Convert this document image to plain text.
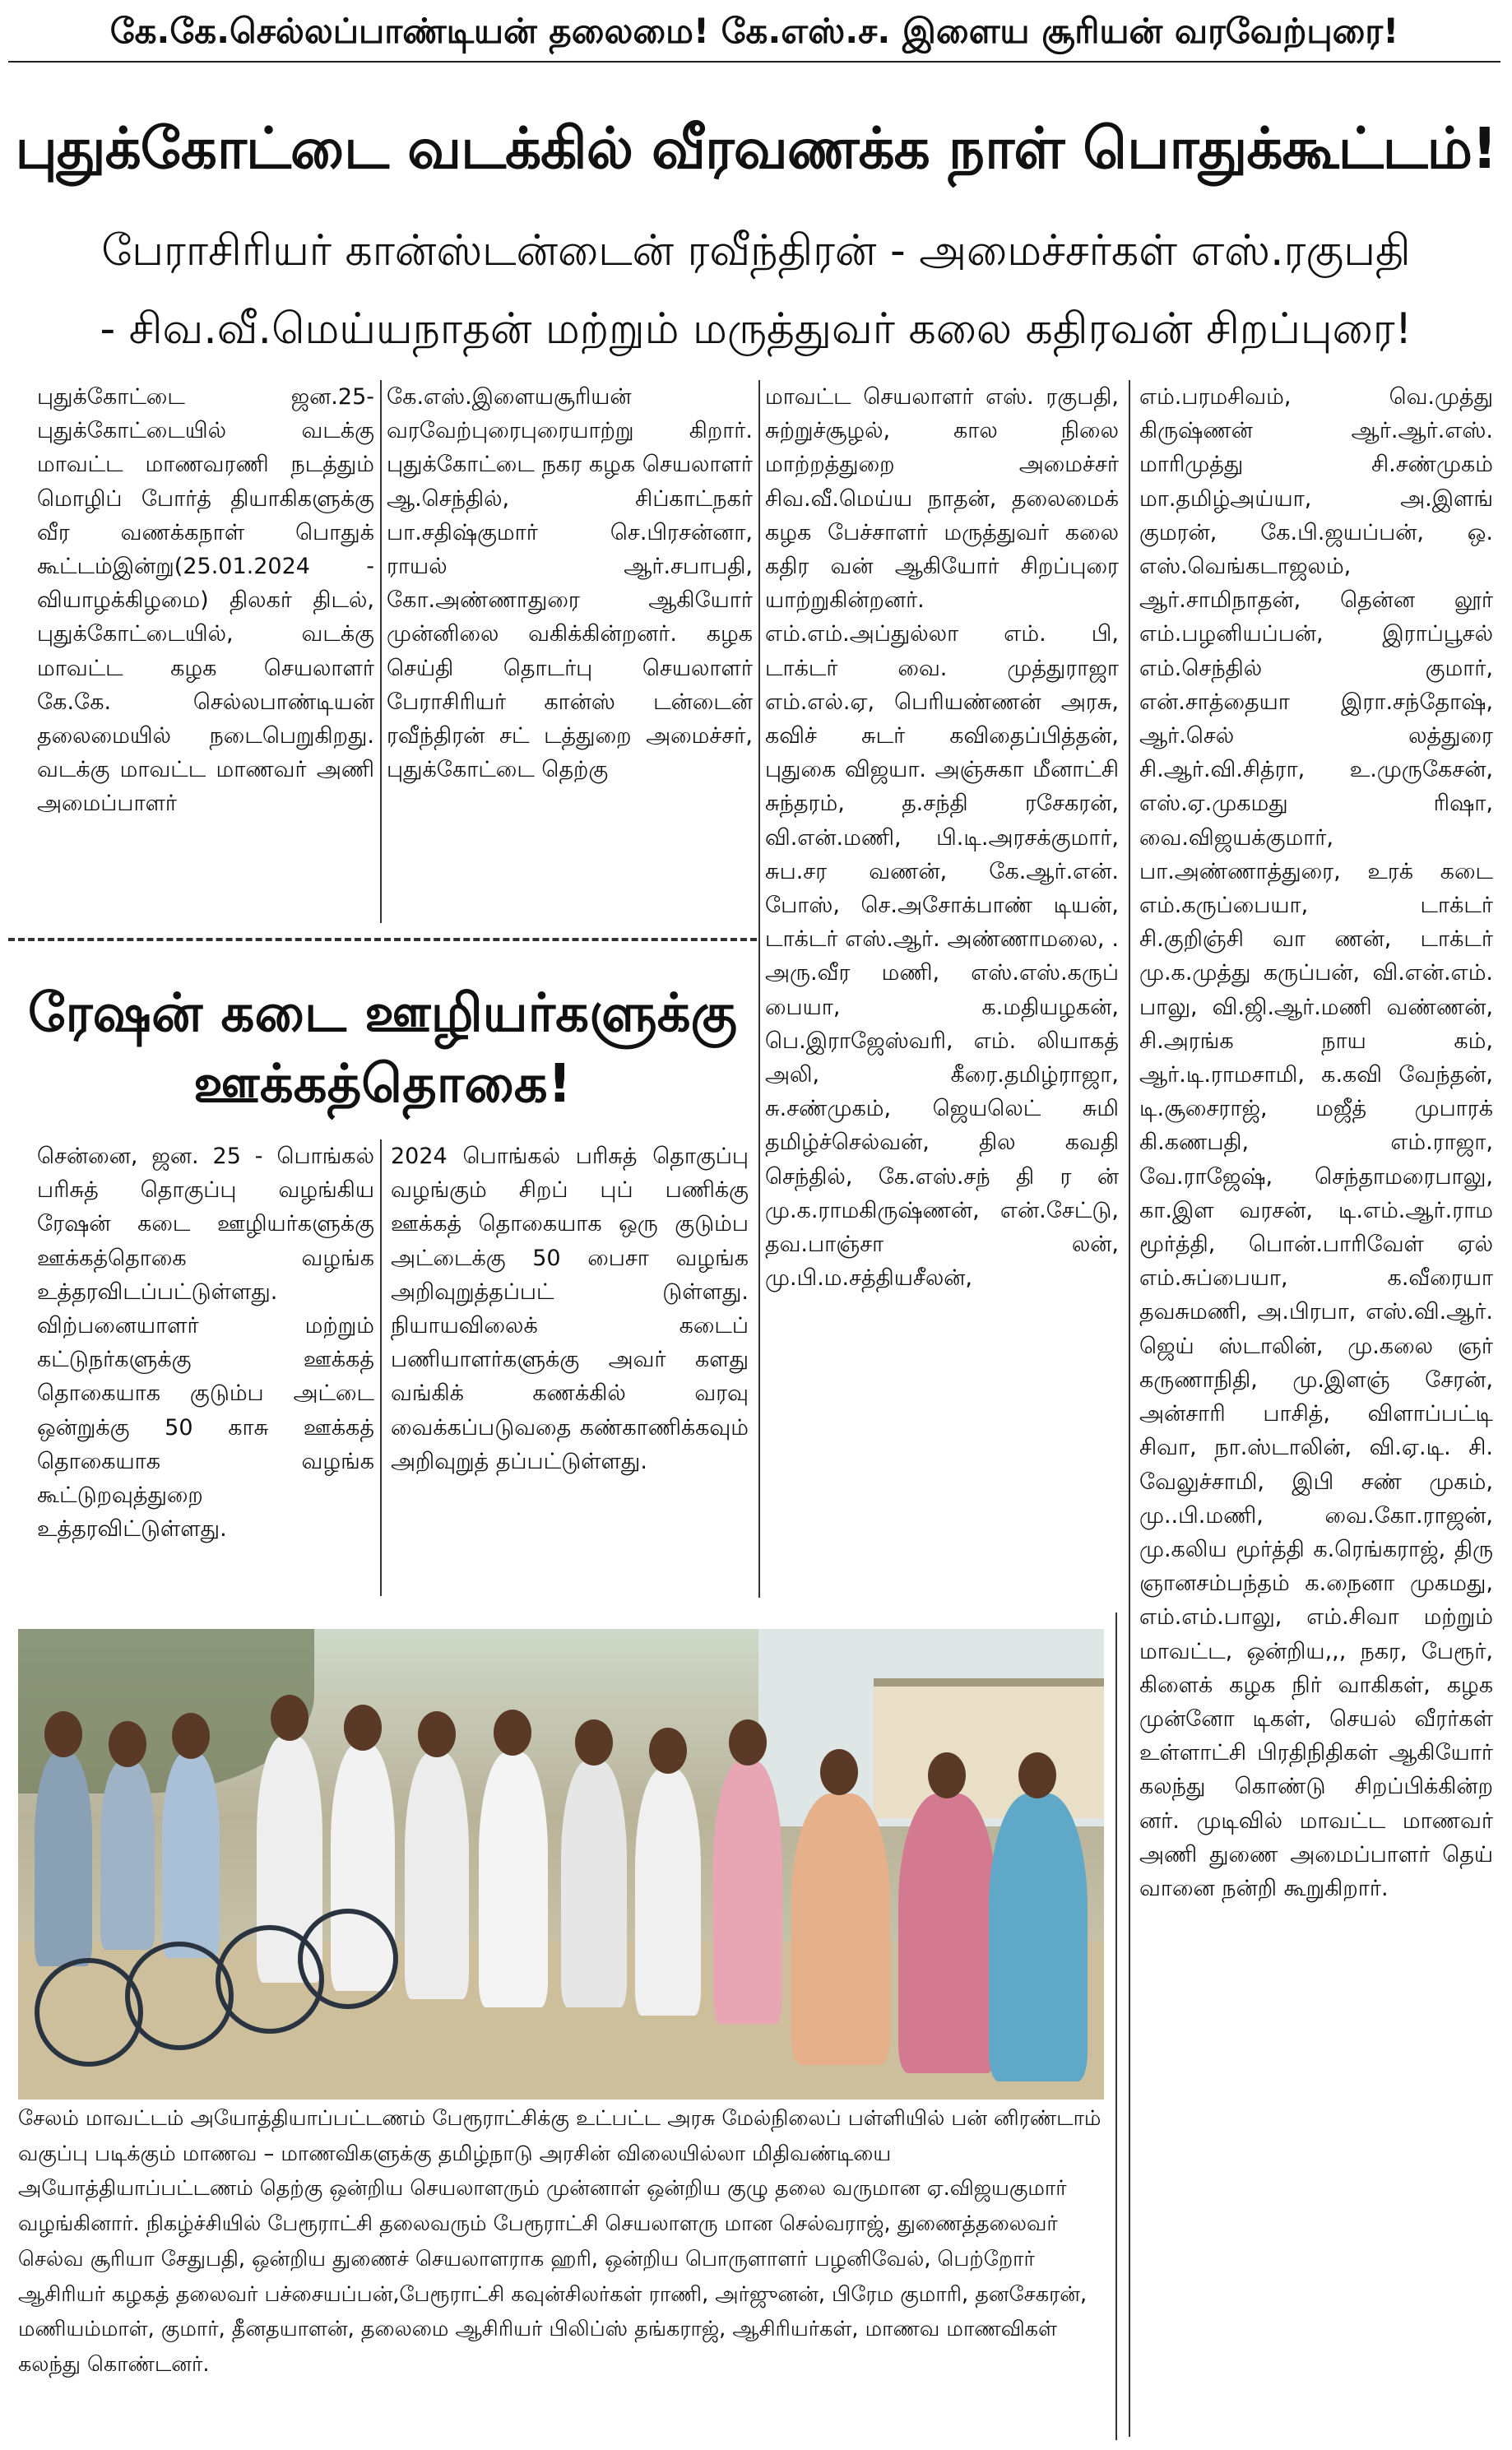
கே.கே.செல்லப்பாண்டியன் தலைமை! கே.எஸ்.ச. இளைய சூரியன் வரவேற்புரை!
புதுக்கோட்டை வடக்கில் வீரவணக்க நாள் பொதுக்கூட்டம்!
பேராசிரியர் கான்ஸ்டன்டைன் ரவீந்திரன் - அமைச்சர்கள் எஸ்.ரகுபதி
- சிவ.வீ.மெய்யநாதன் மற்றும் மருத்துவர் கலை கதிரவன் சிறப்புரை!

புதுக்கோட்டை ஜன.25- புதுக்கோட்டையில் வடக்கு மாவட்ட மாணவரணி நடத்தும் மொழிப் போர்த் தியாகிகளுக்கு வீர வணக்கநாள் பொதுக் கூட்டம்இன்று(25.01.2024 - வியாழக்கிழமை) திலகர் திடல், புதுக்கோட்டையில், வடக்கு மாவட்ட கழக செயலாளர் கே.கே. செல்லபாண்டியன் தலைமையில் நடைபெறுகிறது. வடக்கு மாவட்ட மாணவர் அணி அமைப்பாளர்

கே.எஸ்.இளையசூரியன் வரவேற்புரைபுரையாற்று கிறார். புதுக்கோட்டை நகர கழக செயலாளர் ஆ.செந்தில், சிப்காட்நகர் பா.சதிஷ்குமார் செ.பிரசன்னா, ராயல் ஆர்.சபாபதி, கோ.அண்ணாதுரை ஆகியோர் முன்னிலை வகிக்கின்றனர். கழக செய்தி தொடர்பு செயலாளர் பேராசிரியர் கான்ஸ் டன்டைன் ரவீந்திரன் சட் டத்துறை அமைச்சர், புதுக்கோட்டை தெற்கு

மாவட்ட செயலாளர் எஸ். ரகுபதி, சுற்றுச்சூழல், கால நிலை மாற்றத்துறை அமைச்சர் சிவ.வீ.மெய்ய நாதன், தலைமைக் கழக பேச்சாளர் மருத்துவர் கலை கதிர வன் ஆகியோர் சிறப்புரை யாற்றுகின்றனர். எம்.எம்.அப்துல்லா எம். பி, டாக்டர் வை. முத்துராஜா எம்.எல்.ஏ, பெரியண்ணன் அரசு, கவிச் சுடர் கவிதைப்பித்தன், புதுகை விஜயா. அஞ்சுகா மீனாட்சி சுந்தரம், த.சந்தி ரசேகரன், வி.என்.மணி, பி.டி.அரசக்குமார், சுப.சர வணன், கே.ஆர்.என். போஸ், செ.அசோக்பாண் டியன், டாக்டர் எஸ்.ஆர். அண்ணாமலை, . அரு.வீர மணி, எஸ்.எஸ்.கருப் பையா, க.மதியழகன், பெ.இராஜேஸ்வரி, எம். லியாகத் அலி, கீரை.தமிழ்ராஜா, சு.சண்முகம், ஜெயலெட் சுமி தமிழ்ச்செல்வன், தில கவதி செந்தில், கே.எஸ்.சந் தி ர ன் மு.க.ராமகிருஷ்ணன், என்.சேட்டு, தவ.பாஞ்சா லன், மு.பி.ம.சத்தியசீலன்,

எம்.பரமசிவம், வெ.முத்து கிருஷ்ணன் ஆர்.ஆர்.எஸ். மாரிமுத்து சி.சண்முகம் மா.தமிழ்அய்யா, அ.இளங் குமரன், கே.பி.ஜயப்பன், ஒ. எஸ்.வெங்கடாஜலம், ஆர்.சாமிநாதன், தென்ன லூர் எம்.பழனியப்பன், இராப்பூசல் எம்.செந்தில் குமார், என்.சாத்தையா இரா.சந்தோஷ், ஆர்.செல் லத்துரை சி.ஆர்.வி.சித்ரா, உ.முருகேசன், எஸ்.ஏ.முகமது ரிஷா, வை.விஜயக்குமார், பா.அண்ணாத்துரை, உரக் கடை எம்.கருப்பையா, டாக்டர் சி.குறிஞ்சி வா ணன், டாக்டர் மு.க.முத்து கருப்பன், வி.என்.எம். பாலு, வி.ஜி.ஆர்.மணி வண்ணன், சி.அரங்க நாய கம், ஆர்.டி.ராமசாமி, க.கவி வேந்தன், டி.சூசைராஜ், மஜீத் முபாரக் கி.கணபதி, எம்.ராஜா, வே.ராஜேஷ், செந்தாமரைபாலு, கா.இள வரசன், டி.எம்.ஆர்.ராம மூர்த்தி, பொன்.பாரிவேள் ஏல் எம்.சுப்பையா, க.வீரையா தவசுமணி, அ.பிரபா, எஸ்.வி.ஆர். ஜெய் ஸ்டாலின், மு.கலை ஞர் கருணாநிதி, மு.இளஞ் சேரன், அன்சாரி பாசித், விளாப்பட்டி சிவா, நா.ஸ்டாலின், வி.ஏ.டி. சி. வேலுச்சாமி, இபி சண் முகம், மு..பி.மணி, வை.கோ.ராஜன், மு.கலிய மூர்த்தி க.ரெங்கராஜ், திரு ஞானசம்பந்தம் க.நைனா முகமது, எம்.எம்.பாலு, எம்.சிவா மற்றும் மாவட்ட, ஒன்றிய,,, நகர, பேரூர், கிளைக் கழக நிர் வாகிகள், கழக முன்னோ டிகள், செயல் வீரர்கள் உள்ளாட்சி பிரதிநிதிகள் ஆகியோர் கலந்து கொண்டு சிறப்பிக்கின்ற னர். முடிவில் மாவட்ட மாணவர் அணி துணை அமைப்பாளர் தெய் வானை நன்றி கூறுகிறார்.

ரேஷன் கடை ஊழியர்களுக்கு
ஊக்கத்தொகை!

சென்னை, ஜன. 25 - பொங்கல் பரிசுத் தொகுப்பு வழங்கிய ரேஷன் கடை ஊழியர்களுக்கு ஊக்கத்தொகை வழங்க உத்தரவிடப்பட்டுள்ளது. விற்பனையாளர் மற்றும் கட்டுநர்களுக்கு ஊக்கத் தொகையாக குடும்ப அட்டை ஒன்றுக்கு 50 காசு ஊக்கத் தொகையாக வழங்க கூட்டுறவுத்துறை உத்தரவிட்டுள்ளது.

2024 பொங்கல் பரிசுத் தொகுப்பு வழங்கும் சிறப் புப் பணிக்கு ஊக்கத் தொகையாக ஒரு குடும்ப அட்டைக்கு 50 பைசா வழங்க அறிவுறுத்தப்பட் டுள்ளது. நியாயவிலைக் கடைப் பணியாளர்களுக்கு அவர் களது வங்கிக் கணக்கில் வரவு வைக்கப்படுவதை கண்காணிக்கவும் அறிவுறுத் தப்பட்டுள்ளது.

சேலம் மாவட்டம் அயோத்தியாப்பட்டணம் பேரூராட்சிக்கு உட்பட்ட அரசு மேல்நிலைப் பள்ளியில் பன் னிரண்டாம் வகுப்பு படிக்கும் மாணவ – மாணவிகளுக்கு தமிழ்நாடு அரசின் விலையில்லா மிதிவண்டியை அயோத்தியாப்பட்டணம் தெற்கு ஒன்றிய செயலாளரும் முன்னாள் ஒன்றிய குழு தலை வருமான ஏ.விஜயகுமார் வழங்கினார். நிகழ்ச்சியில் பேரூராட்சி தலைவரும் பேரூராட்சி செயலாளரு மான செல்வராஜ், துணைத்தலைவர் செல்வ சூரியா சேதுபதி, ஒன்றிய துணைச் செயலாளராக ஹரி, ஒன்றிய பொருளாளர் பழனிவேல், பெற்றோர் ஆசிரியர் கழகத் தலைவர் பச்சையப்பன்,பேரூராட்சி கவுன்சிலர்கள் ராணி, அர்ஜுனன், பிரேம குமாரி, தனசேகரன், மணியம்மாள், குமார், தீனதயாளன், தலைமை ஆசிரியர் பிலிப்ஸ் தங்கராஜ், ஆசிரியர்கள், மாணவ மாணவிகள் கலந்து கொண்டனர்.
